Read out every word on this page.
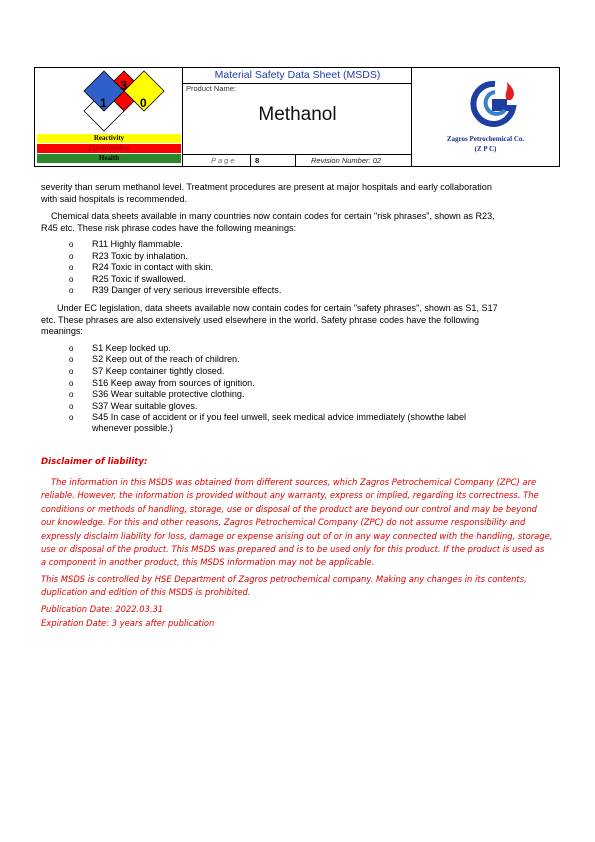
3
1	0
Reactivity
Flammability
Health
Material Safety Data Sheet (MSDS)
Product Name:
Methanol
Page 8	Revision Number: 02
Zagros Petrochemical Co.
(Z P C)
severity than serum methanol level. Treatment procedures are present at major hospitals and early collaboration
with said hospitals is recommended.
Chemical data sheets available in many countries now contain codes for certain "risk phrases", shown as R23,
R45 etc. These risk phrase codes have the following meanings:
o R11 Highly flammable.
o R23 Toxic by inhalation.
o R24 Toxic in contact with skin.
o R25 Toxic if swallowed.
o R39 Danger of very serious irreversible effects.
Under EC legislation, data sheets available now contain codes for certain "safety phrases", shown as S1, S17
etc. These phrases are also extensively used elsewhere in the world. Safety phrase codes have the following
meanings:
o S1 Keep locked up.
o S2 Keep out of the reach of children.
o S7 Keep container tightly closed.
o S16 Keep away from sources of ignition.
o S36 Wear suitable protective clothing.
o S37 Wear suitable gloves.
o S45 In case of accident or if you feel unwell, seek medical advice immediately (showthe label
whenever possible.)
Disclaimer of liability:
The information in this MSDS was obtained from different sources, which Zagros Petrochemical Company (ZPC) are
reliable. However, the information is provided without any warranty, express or implied, regarding its correctness. The
conditions or methods of handling, storage, use or disposal of the product are beyond our control and may be beyond
our knowledge. For this and other reasons, Zagros Petrochemical Company (ZPC) do not assume responsibility and
expressly disclaim liability for loss, damage or expense arising out of or in any way connected with the handling, storage,
use or disposal of the product. This MSDS was prepared and is to be used only for this product. If the product is used as
a component in another product, this MSDS information may not be applicable.
This MSDS is controlled by HSE Department of Zagros petrochemical company. Making any changes in its contents,
duplication and edition of this MSDS is prohibited.
Publication Date: 2022.03.31
Expiration Date: 3 years after publication
